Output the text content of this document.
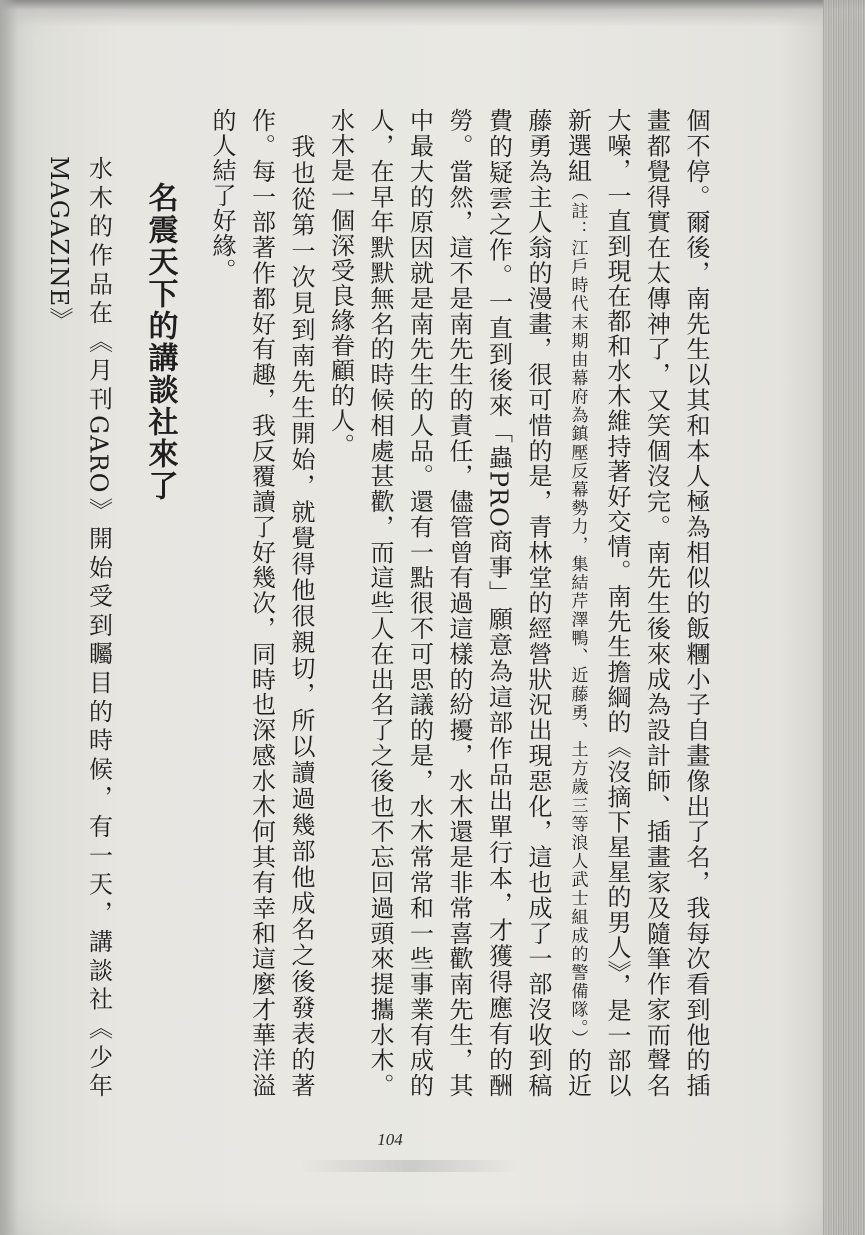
個不停。爾後，南先生以其和本人極為相似的飯糰小子自畫像出了名，我每次看到他的插畫都覺得實在太傳神了，又笑個沒完。南先生後來成為設計師、插畫家及隨筆作家而聲名大噪，一直到現在都和水木維持著好交情。南先生擔綱的《沒摘下星星的男人》，是一部以新選組（註：江戶時代末期由幕府為鎮壓反幕勢力，集結芹澤鴨、近藤勇、土方歲三等浪人武士組成的警備隊。）的近藤勇為主人翁的漫畫，很可惜的是，青林堂的經營狀況出現惡化，這也成了一部沒收到稿費的疑雲之作。一直到後來「蟲PRO商事」願意為這部作品出單行本，才獲得應有的酬勞。當然，這不是南先生的責任，儘管曾有過這樣的紛擾，水木還是非常喜歡南先生，其中最大的原因就是南先生的人品。還有一點很不可思議的是，水木常常和一些事業有成的人，在早年默默無名的時候相處甚歡，而這些人在出名了之後也不忘回過頭來提攜水木。水木是一個深受良緣眷顧的人。

　我也從第一次見到南先生開始，就覺得他很親切，所以讀過幾部他成名之後發表的著作。每一部著作都好有趣，我反覆讀了好幾次，同時也深感水木何其有幸和這麼才華洋溢的人結了好緣。

名震天下的講談社來了

水木的作品在《月刊GARO》開始受到矚目的時候，有一天，講談社《少年MAGAZINE》

104
